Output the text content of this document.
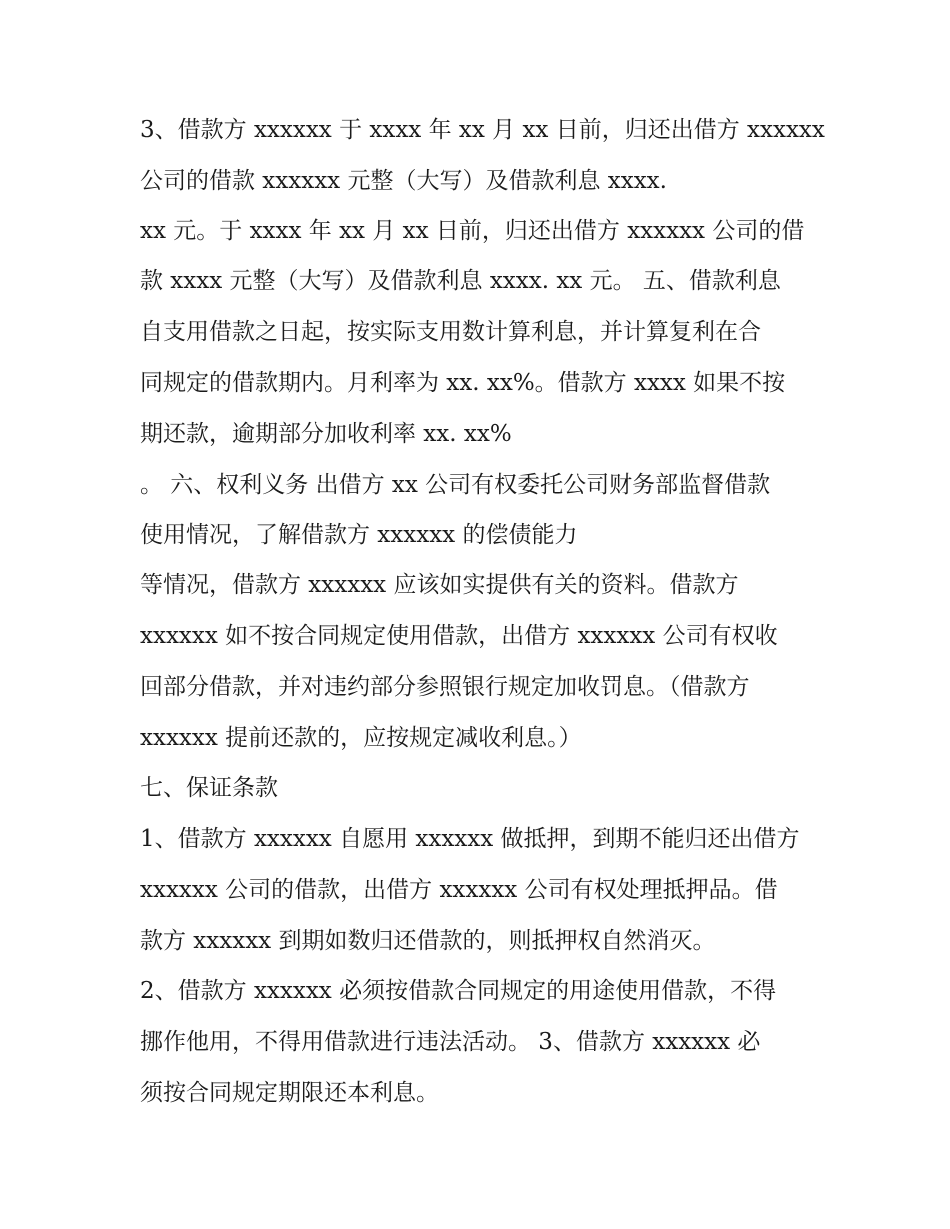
3、借款方 xxxxxx 于 xxxx 年 xx 月 xx 日前，归还出借方 xxxxxx
公司的借款 xxxxxx 元整（大写）及借款利息 xxxx.
xx 元。于 xxxx 年 xx 月 xx 日前，归还出借方 xxxxxx 公司的借
款 xxxx 元整（大写）及借款利息 xxxx. xx 元。 五、借款利息
自支用借款之日起，按实际支用数计算利息，并计算复利在合
同规定的借款期内。月利率为 xx. xx%。借款方 xxxx 如果不按
期还款，逾期部分加收利率 xx. xx%
。 六、权利义务 出借方 xx 公司有权委托公司财务部监督借款
使用情况，了解借款方 xxxxxx 的偿债能力
等情况，借款方 xxxxxx 应该如实提供有关的资料。借款方
xxxxxx 如不按合同规定使用借款，出借方 xxxxxx 公司有权收
回部分借款，并对违约部分参照银行规定加收罚息。（借款方
xxxxxx 提前还款的，应按规定减收利息。）
七、保证条款
1、借款方 xxxxxx 自愿用 xxxxxx 做抵押，到期不能归还出借方
xxxxxx 公司的借款，出借方 xxxxxx 公司有权处理抵押品。借
款方 xxxxxx 到期如数归还借款的，则抵押权自然消灭。
2、借款方 xxxxxx 必须按借款合同规定的用途使用借款，不得
挪作他用，不得用借款进行违法活动。 3、借款方 xxxxxx 必
须按合同规定期限还本利息。
